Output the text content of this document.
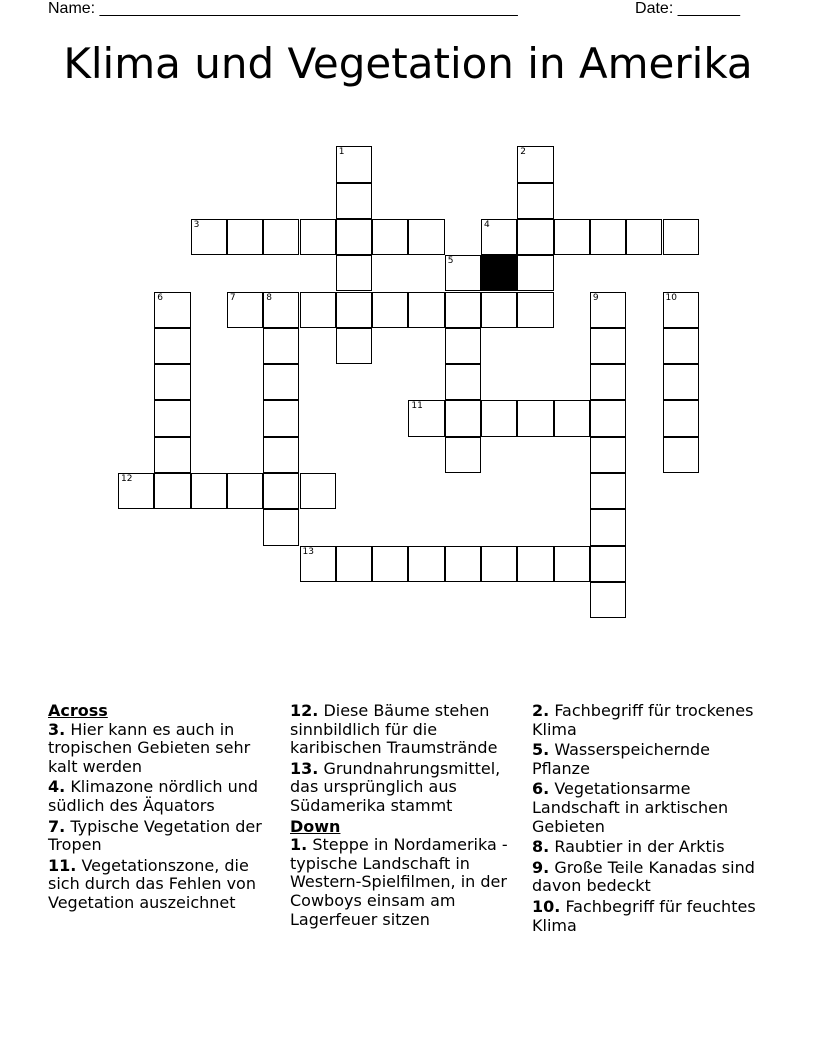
Name: _______________________________________________	Date: _______
Klima und Vegetation in Amerika
1	2
3	4
5
6	7	8	9	10
11
12
13
Across
3. Hier kann es auch in tropischen Gebieten sehr kalt werden
4. Klimazone nördlich und südlich des Äquators
7. Typische Vegetation der Tropen
11. Vegetationszone, die sich durch das Fehlen von Vegetation auszeichnet
12. Diese Bäume stehen sinnbildlich für die karibischen Traumstrände
13. Grundnahrungsmittel, das ursprünglich aus Südamerika stammt
Down
1. Steppe in Nordamerika - typische Landschaft in Western-Spielfilmen, in der Cowboys einsam am Lagerfeuer sitzen
2. Fachbegriff für trockenes Klima
5. Wasserspeichernde Pflanze
6. Vegetationsarme Landschaft in arktischen Gebieten
8. Raubtier in der Arktis
9. Große Teile Kanadas sind davon bedeckt
10. Fachbegriff für feuchtes Klima
